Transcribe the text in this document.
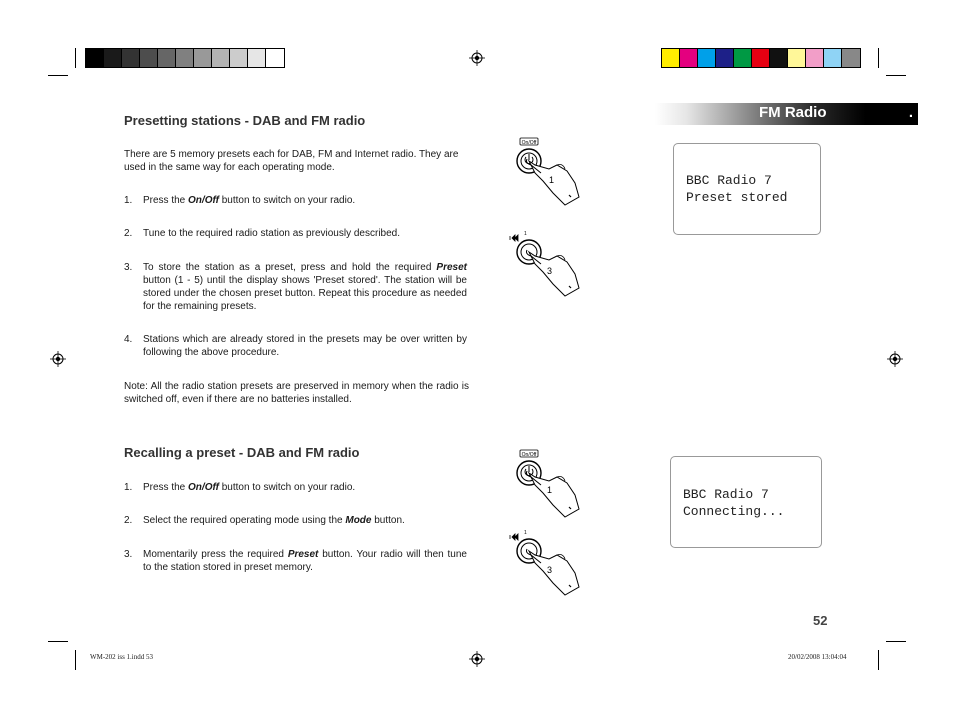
FM Radio	.
Presetting stations - DAB and FM radio

There are 5 memory presets each for DAB, FM and Internet radio. They are used in the same way for each operating mode.

1. Press the On/Off button to switch on your radio.
2. Tune to the required radio station as previously described.
3. To store the station as a preset, press and hold the required Preset button (1 - 5) until the display shows 'Preset stored'. The station will be stored under the chosen preset button. Repeat this procedure as needed for the remaining presets.
4. Stations which are already stored in the presets may be over written by following the above procedure.

Note: All the radio station presets are preserved in memory when the radio is switched off, even if there are no batteries installed.

BBC Radio 7
Preset stored
Recalling a preset - DAB and FM radio
1. Press the On/Off button to switch on your radio.
2. Select the required operating mode using the Mode button.
3. Momentarily press the required Preset button. Your radio will then tune to the station stored in preset memory.
BBC Radio 7
Connecting...
On/Off
1
1
3
On/Off
1
1
3
52
WM-202 iss 1.indd 53	20/02/2008 13:04:04
